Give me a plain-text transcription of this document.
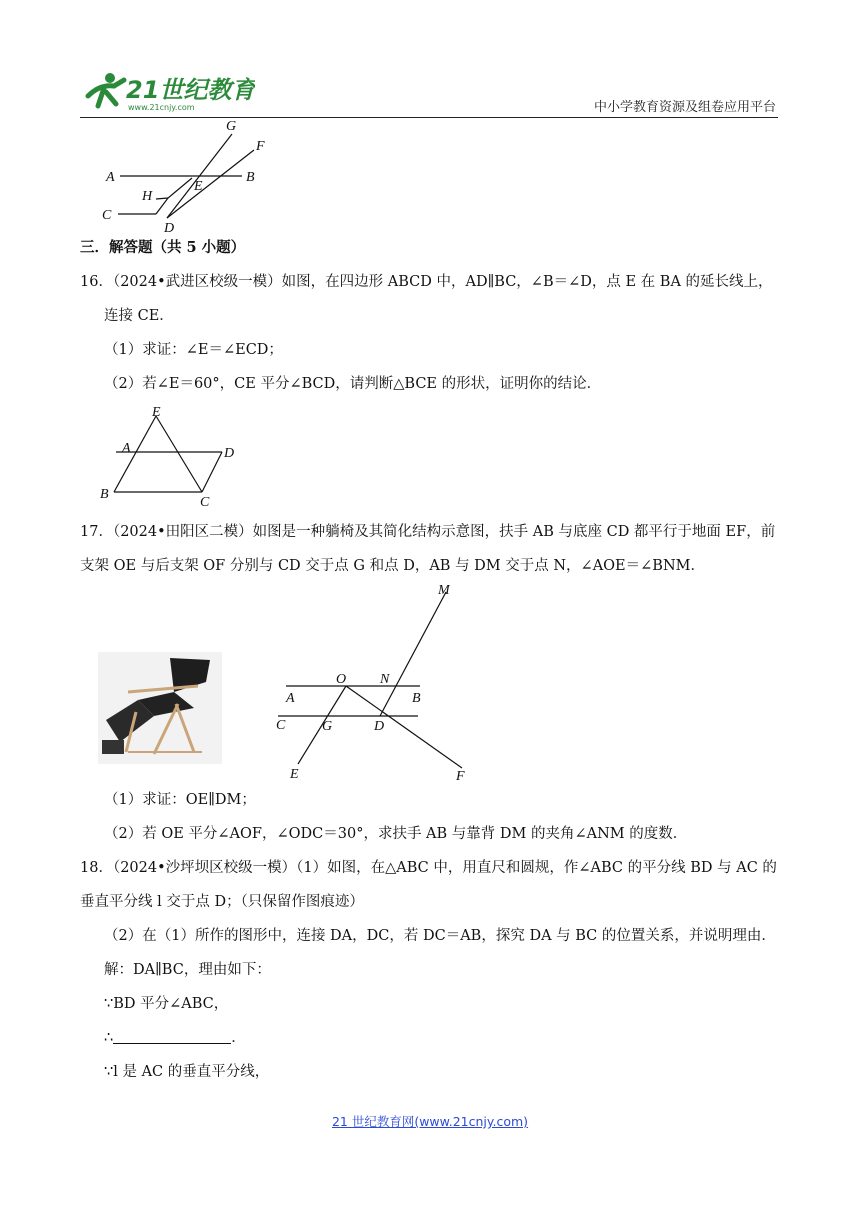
21世纪教育
www.21cnjy.com	中小学教育资源及组卷应用平台
G
F
A
E
B
H
C
D
三．解答题（共 5 小题）
16．（2024•武进区校级一模）如图，在四边形 ABCD 中，AD∥BC，∠B＝∠D，点 E 在 BA 的延长线上，
连接 CE．
（1）求证：∠E＝∠ECD；
（2）若∠E＝60°，CE 平分∠BCD，请判断△BCE 的形状，证明你的结论．
E
A	D
B
C
17．（2024•田阳区二模）如图是一种躺椅及其简化结构示意图，扶手 AB 与底座 CD 都平行于地面 EF，前
支架 OE 与后支架 OF 分别与 CD 交于点 G 和点 D，AB 与 DM 交于点 N，∠AOE＝∠BNM．
M
O N
A	B
C	G	D
E	F
（1）求证：OE∥DM；
（2）若 OE 平分∠AOF，∠ODC＝30°，求扶手 AB 与靠背 DM 的夹角∠ANM 的度数．
18．（2024•沙坪坝区校级一模）（1）如图，在△ABC 中，用直尺和圆规，作∠ABC 的平分线 BD 与 AC 的
垂直平分线 l 交于点 D；（只保留作图痕迹）
（2）在（1）所作的图形中，连接 DA，DC，若 DC＝AB，探究 DA 与 BC 的位置关系，并说明理由．
解：DA∥BC，理由如下：
∵BD 平分∠ABC，
∴	．
∵l 是 AC 的垂直平分线，
21 世纪教育网(www.21cnjy.com)
